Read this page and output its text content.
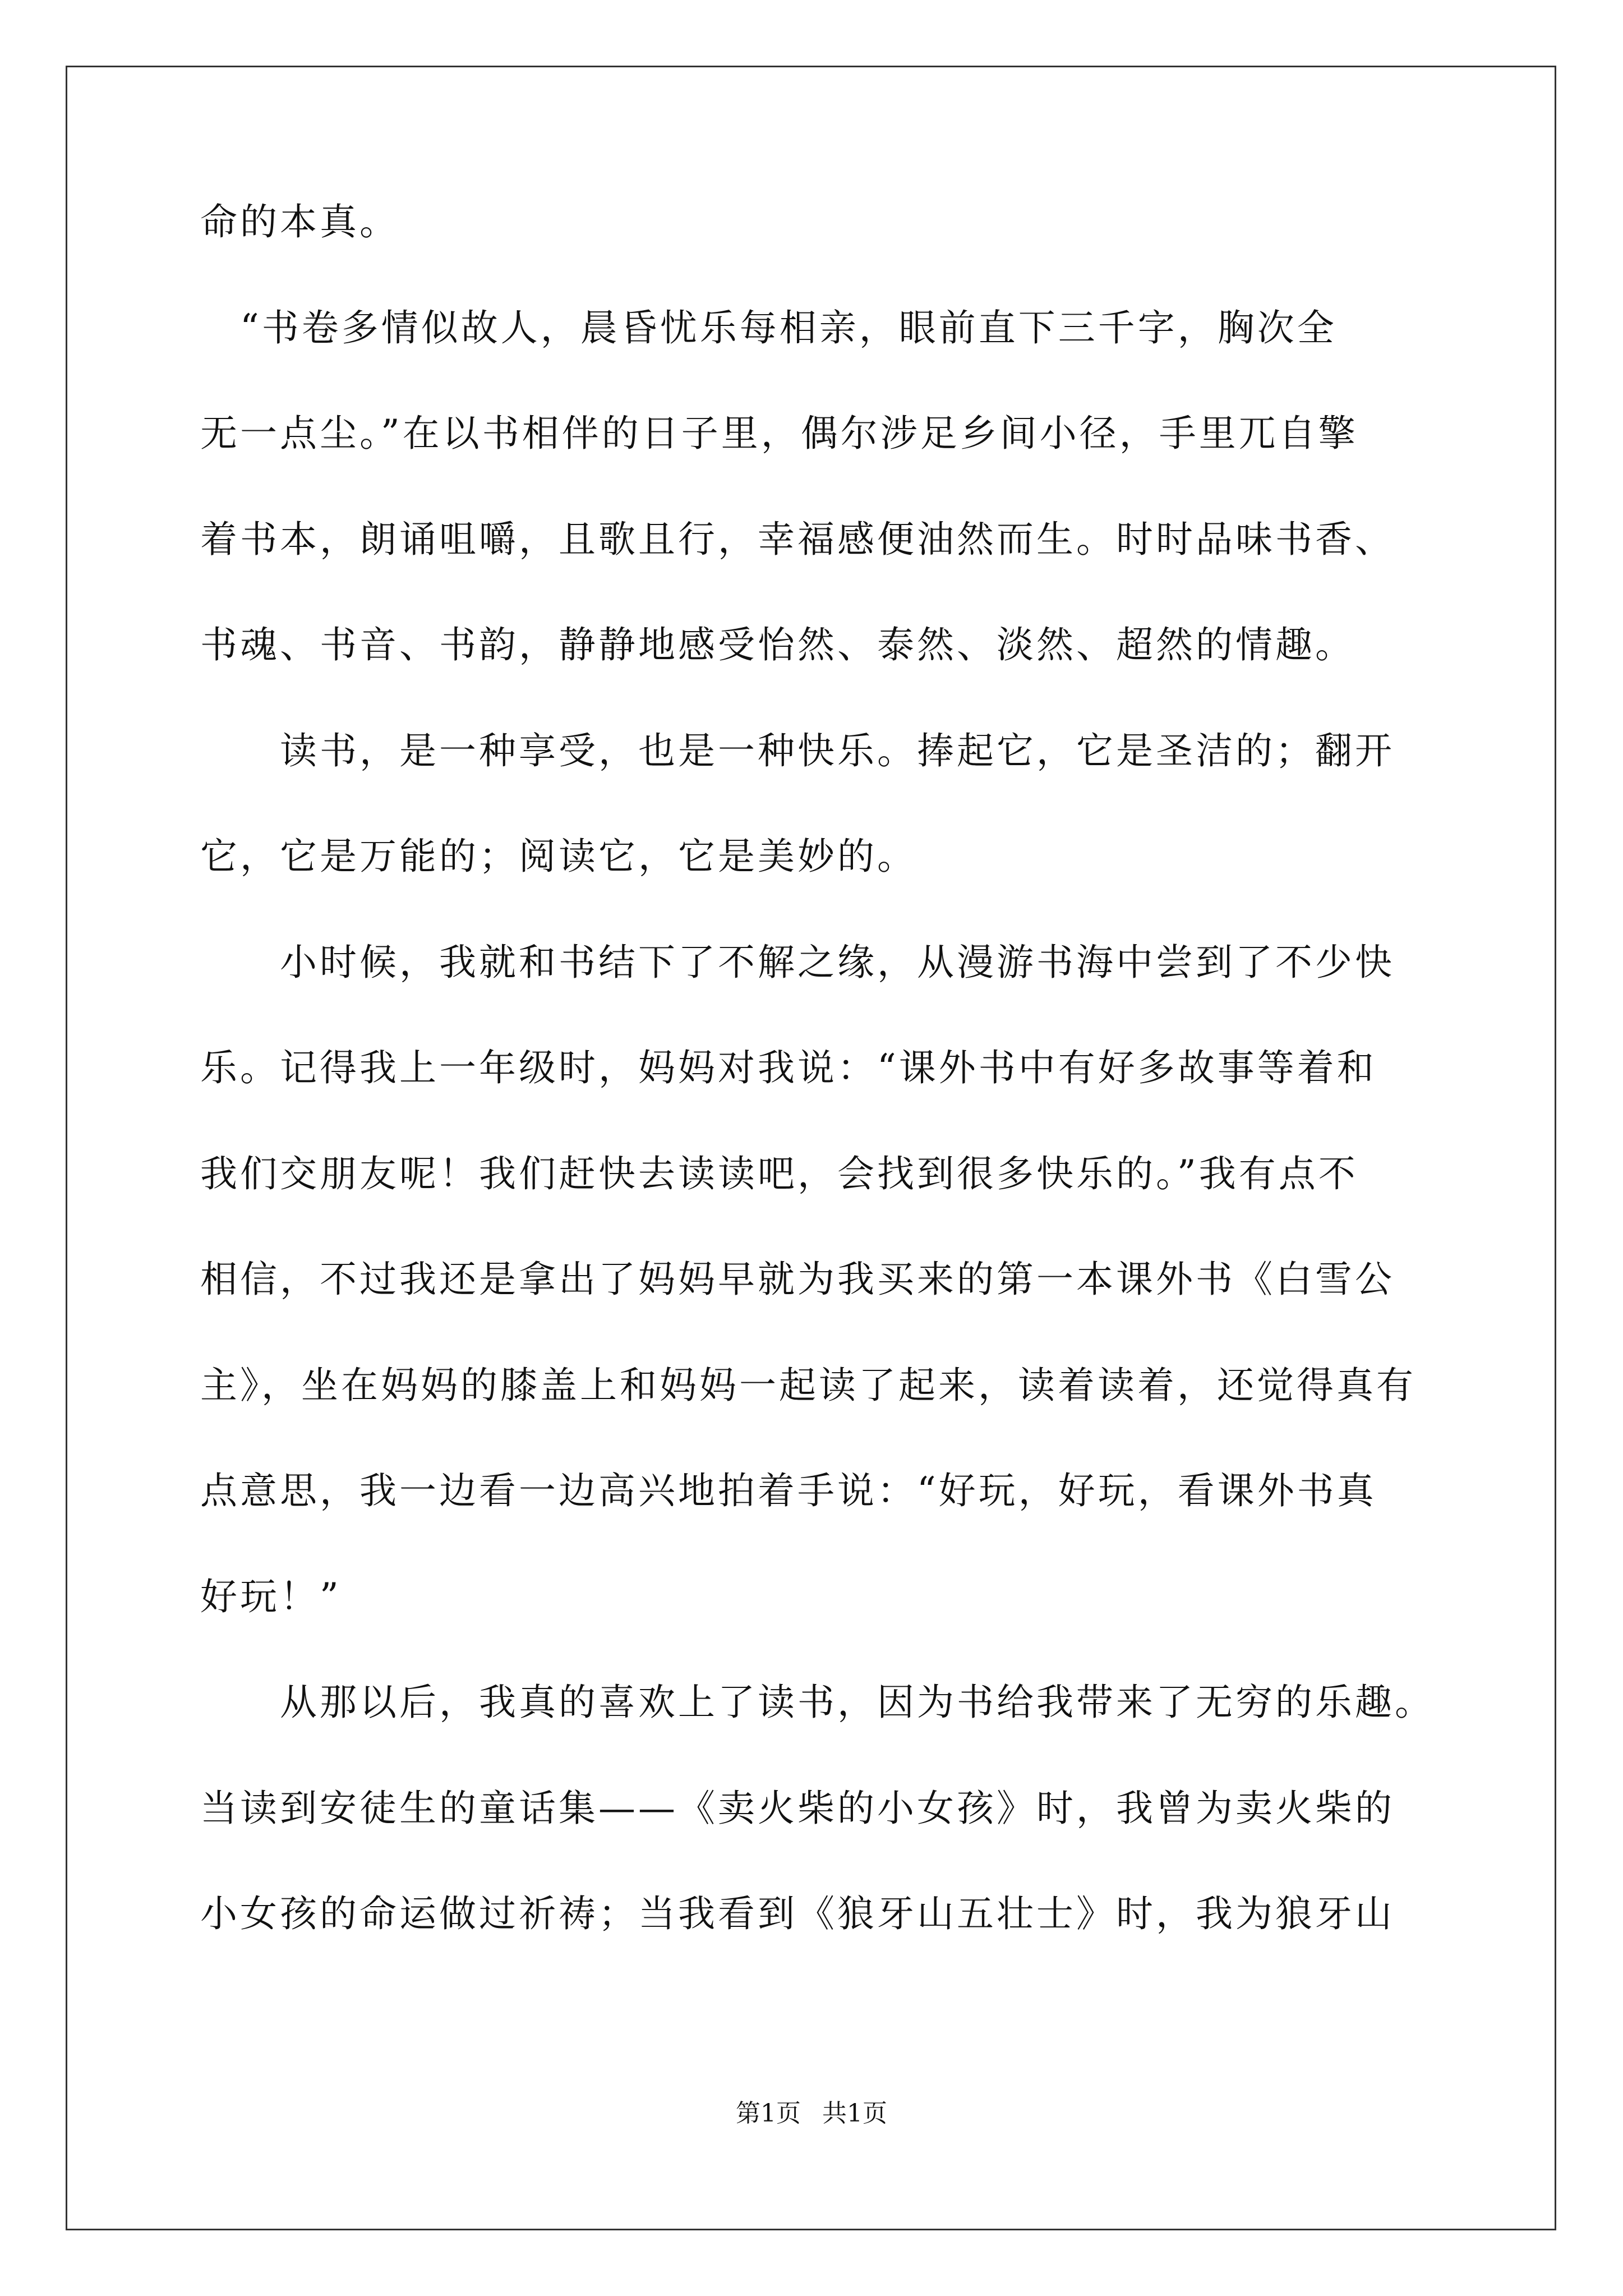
命的本真。
　“书卷多情似故人，晨昏忧乐每相亲，眼前直下三千字，胸次全
无一点尘。”在以书相伴的日子里，偶尔涉足乡间小径，手里兀自擎
着书本，朗诵咀嚼，且歌且行，幸福感便油然而生。时时品味书香、
书魂、书音、书韵，静静地感受怡然、泰然、淡然、超然的情趣。
　　读书，是一种享受，也是一种快乐。捧起它，它是圣洁的；翻开
它，它是万能的；阅读它，它是美妙的。
　　小时候，我就和书结下了不解之缘，从漫游书海中尝到了不少快
乐。记得我上一年级时，妈妈对我说：“课外书中有好多故事等着和
我们交朋友呢！我们赶快去读读吧，会找到很多快乐的。”我有点不
相信，不过我还是拿出了妈妈早就为我买来的第一本课外书《白雪公
主》，坐在妈妈的膝盖上和妈妈一起读了起来，读着读着，还觉得真有
点意思，我一边看一边高兴地拍着手说：“好玩，好玩，看课外书真
好玩！”
　　从那以后，我真的喜欢上了读书，因为书给我带来了无穷的乐趣。
当读到安徒生的童话集——《卖火柴的小女孩》时，我曾为卖火柴的
小女孩的命运做过祈祷；当我看到《狼牙山五壮士》时，我为狼牙山
第1页 共1页
